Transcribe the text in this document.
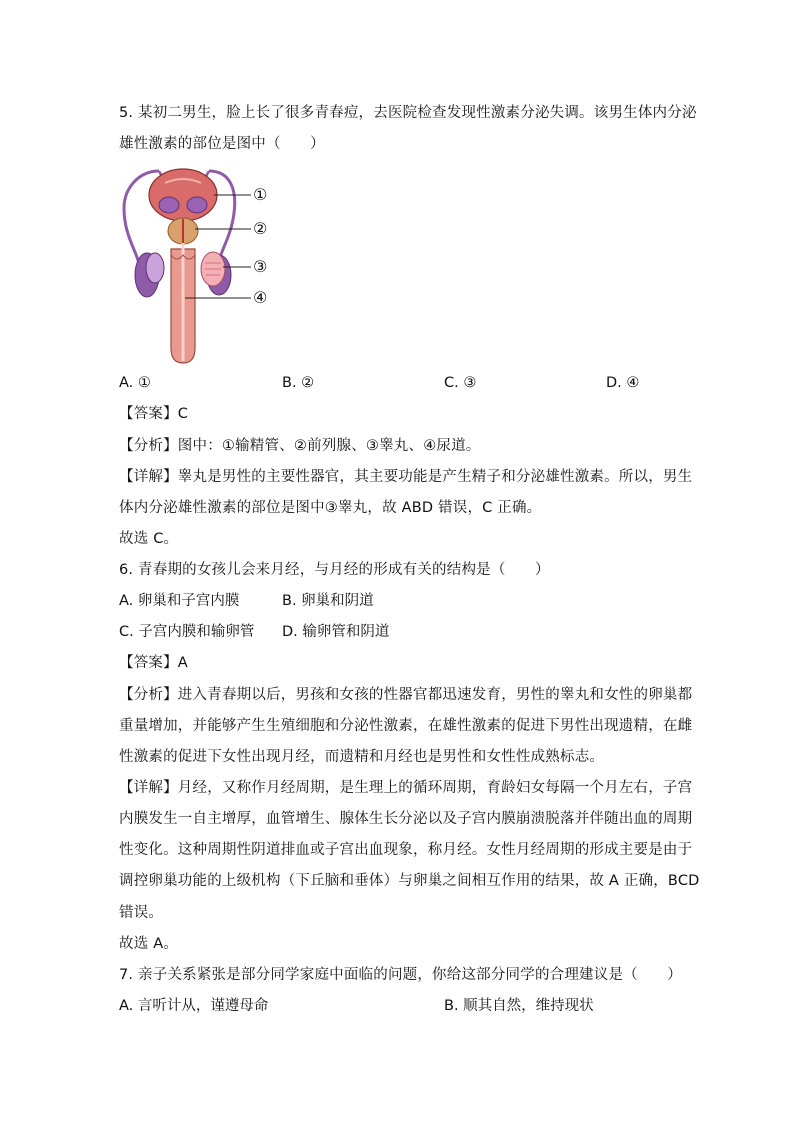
5. 某初二男生，脸上长了很多青春痘，去医院检查发现性激素分泌失调。该男生体内分泌
雄性激素的部位是图中（　　）
①
②
③
④
A. ①	B. ②	C. ③	D. ④
【答案】C
【分析】图中：①输精管、②前列腺、③睾丸、④尿道。
【详解】睾丸是男性的主要性器官，其主要功能是产生精子和分泌雄性激素。所以，男生
体内分泌雄性激素的部位是图中③睾丸，故 ABD 错误，C 正确。
故选 C。
6. 青春期的女孩儿会来月经，与月经的形成有关的结构是（　　）
A. 卵巢和子宫内膜	B. 卵巢和阴道
C. 子宫内膜和输卵管 D. 输卵管和阴道
【答案】A
【分析】进入青春期以后，男孩和女孩的性器官都迅速发育，男性的睾丸和女性的卵巢都
重量增加，并能够产生生殖细胞和分泌性激素，在雄性激素的促进下男性出现遗精，在雌
性激素的促进下女性出现月经，而遗精和月经也是男性和女性性成熟标志。
【详解】月经，又称作月经周期，是生理上的循环周期，育龄妇女每隔一个月左右，子宫
内膜发生一自主增厚，血管增生、腺体生长分泌以及子宫内膜崩溃脱落并伴随出血的周期
性变化。这种周期性阴道排血或子宫出血现象，称月经。女性月经周期的形成主要是由于
调控卵巢功能的上级机构（下丘脑和垂体）与卵巢之间相互作用的结果，故 A 正确，BCD
错误。
故选 A。
7. 亲子关系紧张是部分同学家庭中面临的问题，你给这部分同学的合理建议是（　　）
A. 言听计从，谨遵母命	B. 顺其自然，维持现状
